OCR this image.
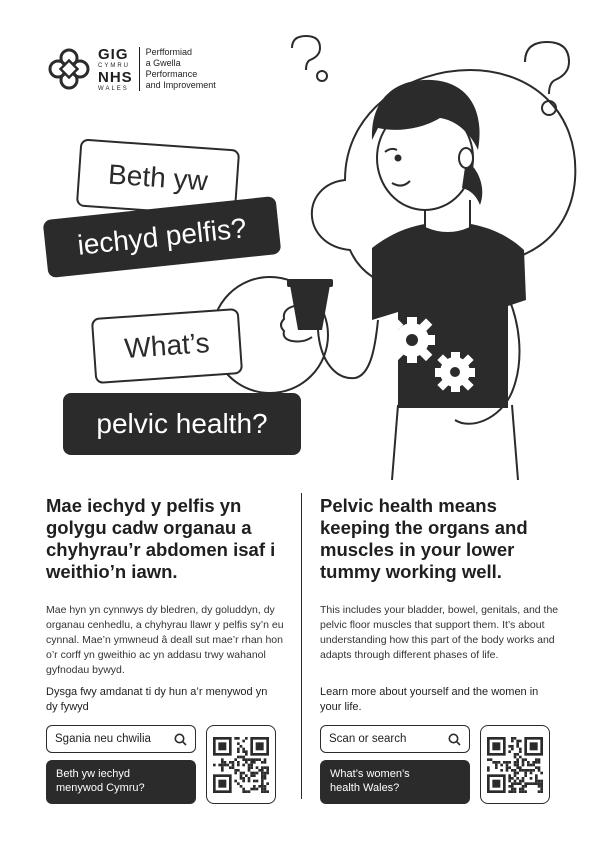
GIG
CYMRU
NHS
WALES
Perfformiad
a Gwella
Performance
and Improvement
Beth yw
iechyd pelfis?
What’s
pelvic health?
Mae iechyd y pelfis yn golygu cadw organau a chyhyrau’r abdomen isaf i weithio’n iawn.
Mae hyn yn cynnwys dy bledren, dy goluddyn, dy organau cenhedlu, a chyhyrau llawr y pelfis sy’n eu cynnal. Mae’n ymwneud â deall sut mae’r rhan hon o’r corff yn gweithio ac yn addasu trwy wahanol gyfnodau bywyd.
Dysga fwy amdanat ti dy hun a’r menywod yn dy fywyd
Sgania neu chwilia
Beth yw iechyd
menywod Cymru?
Pelvic health means keeping the organs and muscles in your lower tummy working well.
This includes your bladder, bowel, genitals, and the pelvic floor muscles that support them. It’s about understanding how this part of the body works and adapts through different phases of life.
Learn more about yourself and the women in your life.
Scan or search
What’s women’s
health Wales?
